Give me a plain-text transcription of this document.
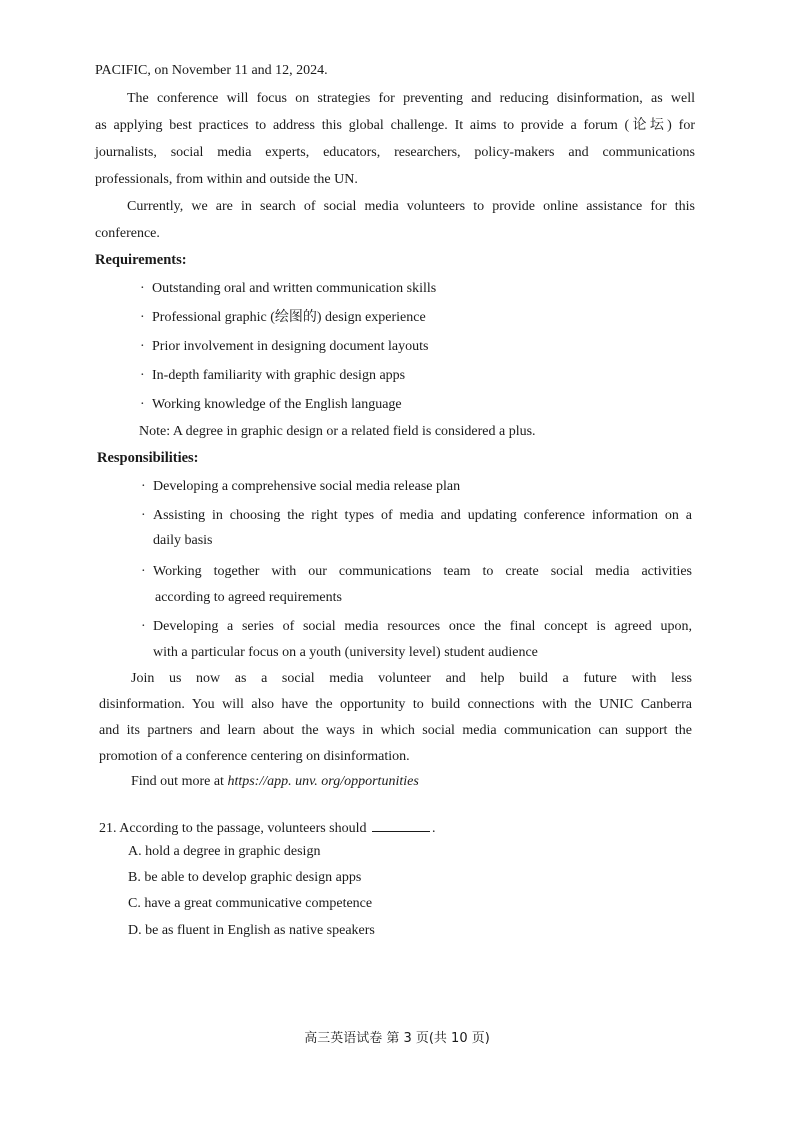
PACIFIC, on November 11 and 12, 2024.
The conference will focus on strategies for preventing and reducing disinformation, as well
as applying best practices to address this global challenge. It aims to provide a forum (论坛) for
journalists, social media experts, educators, researchers, policy-makers and communications
professionals, from within and outside the UN.
Currently, we are in search of social media volunteers to provide online assistance for this
conference.
Requirements:
· Outstanding oral and written communication skills
· Professional graphic (绘图的) design experience
· Prior involvement in designing document layouts
· In-depth familiarity with graphic design apps
· Working knowledge of the English language
Note: A degree in graphic design or a related field is considered a plus.
Responsibilities:
· Developing a comprehensive social media release plan
· Assisting in choosing the right types of media and updating conference information on a
daily basis
· Working together with our communications team to create social media activities
according to agreed requirements
· Developing a series of social media resources once the final concept is agreed upon,
with a particular focus on a youth (university level) student audience
Join us now as a social media volunteer and help build a future with less
disinformation. You will also have the opportunity to build connections with the UNIC Canberra
and its partners and learn about the ways in which social media communication can support the
promotion of a conference centering on disinformation.
Find out more at https://app. unv. org/opportunities
21. According to the passage, volunteers should	.
A. hold a degree in graphic design
B. be able to develop graphic design apps
C. have a great communicative competence
D. be as fluent in English as native speakers
高三英语试卷 第 3 页(共 10 页)
